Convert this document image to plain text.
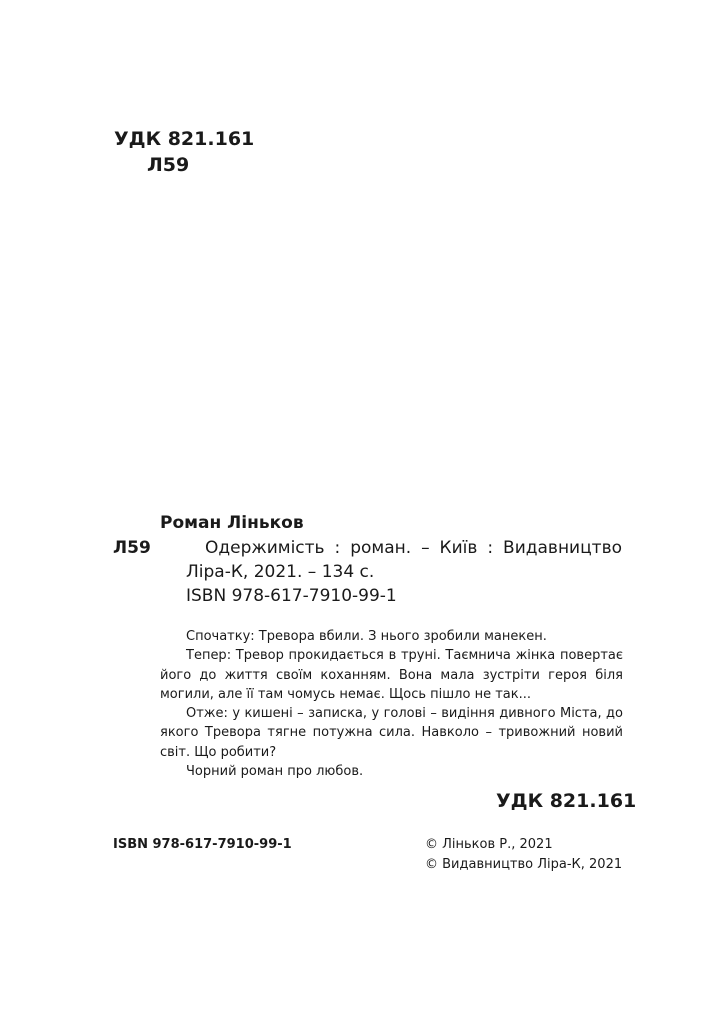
УДК 821.161
Л59
Роман Ліньков
Л59	Одержимість : роман. – Київ : Видавництво
Ліра-К, 2021. – 134 с.
ISBN 978-617-7910-99-1

Спочатку: Тревора вбили. З нього зробили манекен.

Тепер: Тревор прокидається в труні. Таємнича жінка повертає його до життя своїм коханням. Вона мала зустріти героя біля могили, але її там чомусь немає. Щось пішло не так...

Отже: у кишені – записка, у голові – видіння дивного Міста, до якого Тревора тягне потужна сила. Навколо – тривожний новий світ. Що робити?

Чорний роман про любов.

УДК 821.161
ISBN 978-617-7910-99-1	© Ліньков Р., 2021
© Видавництво Ліра-К, 2021
